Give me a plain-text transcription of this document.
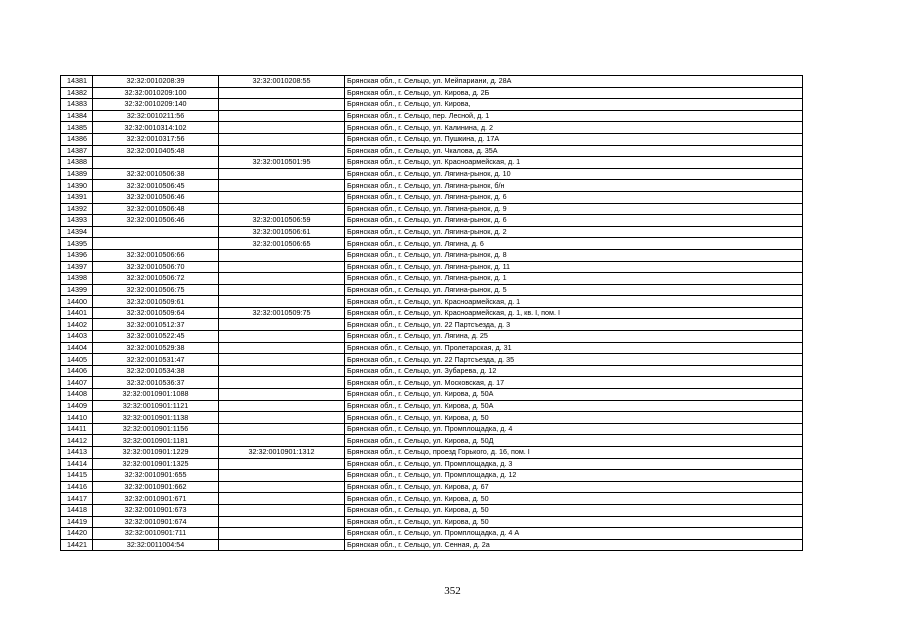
14381	32:32:0010208:39	32:32:0010208:55	Брянская обл., г. Сельцо, ул. Мейпариани, д. 28А
14382	32:32:0010209:100		Брянская обл., г. Сельцо, ул. Кирова, д. 2Б
14383	32:32:0010209:140		Брянская обл., г. Сельцо, ул. Кирова,
14384	32:32:0010211:56		Брянская обл., г. Сельцо, пер. Лесной, д. 1
14385	32:32:0010314:102		Брянская обл., г. Сельцо, ул. Калинина, д. 2
14386	32:32:0010317:56		Брянская обл., г. Сельцо, ул. Пушкина, д. 17А
14387	32:32:0010405:48		Брянская обл., г. Сельцо, ул. Чкалова, д. 35А
14388		32:32:0010501:95	Брянская обл., г. Сельцо, ул. Красноармейская, д. 1
14389	32:32:0010506:38		Брянская обл., г. Сельцо, ул. Лягина-рынок, д. 10
14390	32:32:0010506:45		Брянская обл., г. Сельцо, ул. Лягина-рынок, б/н
14391	32:32:0010506:46		Брянская обл., г. Сельцо, ул. Лягина-рынок, д. 6
14392	32:32:0010506:48		Брянская обл., г. Сельцо, ул. Лягина-рынок, д. 9
14393	32:32:0010506:46	32:32:0010506:59	Брянская обл., г. Сельцо, ул. Лягина-рынок, д. 6
14394		32:32:0010506:61	Брянская обл., г. Сельцо, ул. Лягина-рынок, д. 2
14395		32:32:0010506:65	Брянская обл., г. Сельцо, ул. Лягина, д. 6
14396	32:32:0010506:66		Брянская обл., г. Сельцо, ул. Лягина-рынок, д. 8
14397	32:32:0010506:70		Брянская обл., г. Сельцо, ул. Лягина-рынок, д. 11
14398	32:32:0010506:72		Брянская обл., г. Сельцо, ул. Лягина-рынок, д. 1
14399	32:32:0010506:75		Брянская обл., г. Сельцо, ул. Лягина-рынок, д. 5
14400	32:32:0010509:61		Брянская обл., г. Сельцо, ул. Красноармейская, д. 1
14401	32:32:0010509:64	32:32:0010509:75	Брянская обл., г. Сельцо, ул. Красноармейская, д. 1, кв. I, пом. I
14402	32:32:0010512:37		Брянская обл., г. Сельцо, ул. 22 Партсъезда, д. 3
14403	32:32:0010522:45		Брянская обл., г. Сельцо, ул. Лягина, д. 25
14404	32:32:0010529:38		Брянская обл., г. Сельцо, ул. Пролетарская, д. 31
14405	32:32:0010531:47		Брянская обл., г. Сельцо, ул. 22 Партсъезда, д. 35
14406	32:32:0010534:38		Брянская обл., г. Сельцо, ул. Зубарева, д. 12
14407	32:32:0010536:37		Брянская обл., г. Сельцо, ул. Московская, д. 17
14408	32:32:0010901:1088		Брянская обл., г. Сельцо, ул. Кирова, д. 50А
14409	32:32:0010901:1121		Брянская обл., г. Сельцо, ул. Кирова, д. 50А
14410	32:32:0010901:1138		Брянская обл., г. Сельцо, ул. Кирова, д. 50
14411	32:32:0010901:1156		Брянская обл., г. Сельцо, ул. Промплощадка, д. 4
14412	32:32:0010901:1181		Брянская обл., г. Сельцо, ул. Кирова, д. 50Д
14413	32:32:0010901:1229	32:32:0010901:1312	Брянская обл., г. Сельцо, проезд Горького, д. 16, пом. I
14414	32:32:0010901:1325		Брянская обл., г. Сельцо, ул. Промплощадка, д. 3
14415	32:32:0010901:655		Брянская обл., г. Сельцо, ул. Промплощадка, д. 12
14416	32:32:0010901:662		Брянская обл., г. Сельцо, ул. Кирова, д. 67
14417	32:32:0010901:671		Брянская обл., г. Сельцо, ул. Кирова, д. 50
14418	32:32:0010901:673		Брянская обл., г. Сельцо, ул. Кирова, д. 50
14419	32:32:0010901:674		Брянская обл., г. Сельцо, ул. Кирова, д. 50
14420	32:32:0010901:711		Брянская обл., г. Сельцо, ул. Промплощадка, д. 4 А
14421	32:32:0011004:54		Брянская обл., г. Сельцо, ул. Сенная, д. 2а
352
